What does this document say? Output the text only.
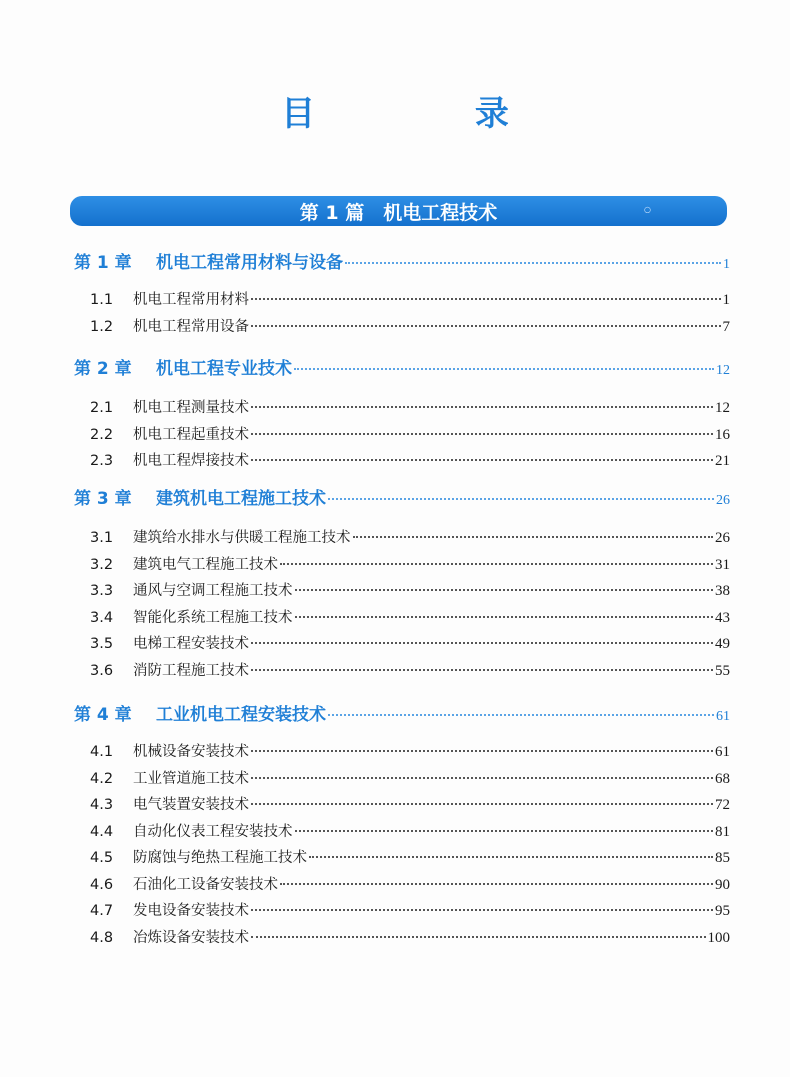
目 录
第 1 篇　机电工程技术	○
第 1 章	机电工程常用材料与设备	1
1.1	机电工程常用材料	1
1.2	机电工程常用设备	7
第 2 章	机电工程专业技术	12
2.1	机电工程测量技术	12
2.2	机电工程起重技术	16
2.3	机电工程焊接技术	21
第 3 章	建筑机电工程施工技术	26
3.1	建筑给水排水与供暖工程施工技术	26
3.2	建筑电气工程施工技术	31
3.3	通风与空调工程施工技术	38
3.4	智能化系统工程施工技术	43
3.5	电梯工程安装技术	49
3.6	消防工程施工技术	55
第 4 章	工业机电工程安装技术	61
4.1	机械设备安装技术	61
4.2	工业管道施工技术	68
4.3	电气装置安装技术	72
4.4	自动化仪表工程安装技术	81
4.5	防腐蚀与绝热工程施工技术	85
4.6	石油化工设备安装技术	90
4.7	发电设备安装技术	95
4.8	冶炼设备安装技术	100
